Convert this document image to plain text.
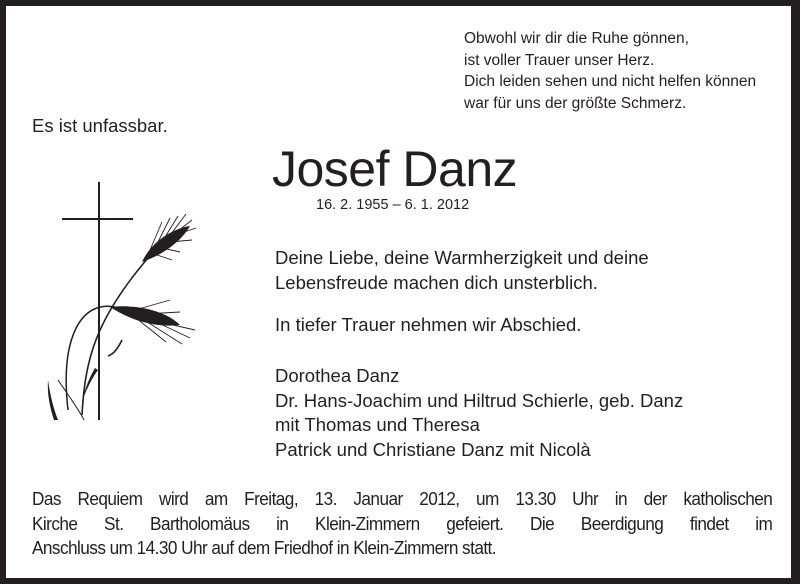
Obwohl wir dir die Ruhe gönnen,
ist voller Trauer unser Herz.
Dich leiden sehen und nicht helfen können
war für uns der größte Schmerz.
Es ist unfassbar.
Josef Danz
16. 2. 1955 – 6. 1. 2012
Deine Liebe, deine Warmherzigkeit und deine
Lebensfreude machen dich unsterblich.
In tiefer Trauer nehmen wir Abschied.
Dorothea Danz
Dr. Hans-Joachim und Hiltrud Schierle, geb. Danz
mit Thomas und Theresa
Patrick und Christiane Danz mit Nicolà
Das Requiem wird am Freitag, 13. Januar 2012, um 13.30 Uhr in der katholischen
Kirche St. Bartholomäus in Klein-Zimmern gefeiert. Die Beerdigung findet im
Anschluss um 14.30 Uhr auf dem Friedhof in Klein-Zimmern statt.
